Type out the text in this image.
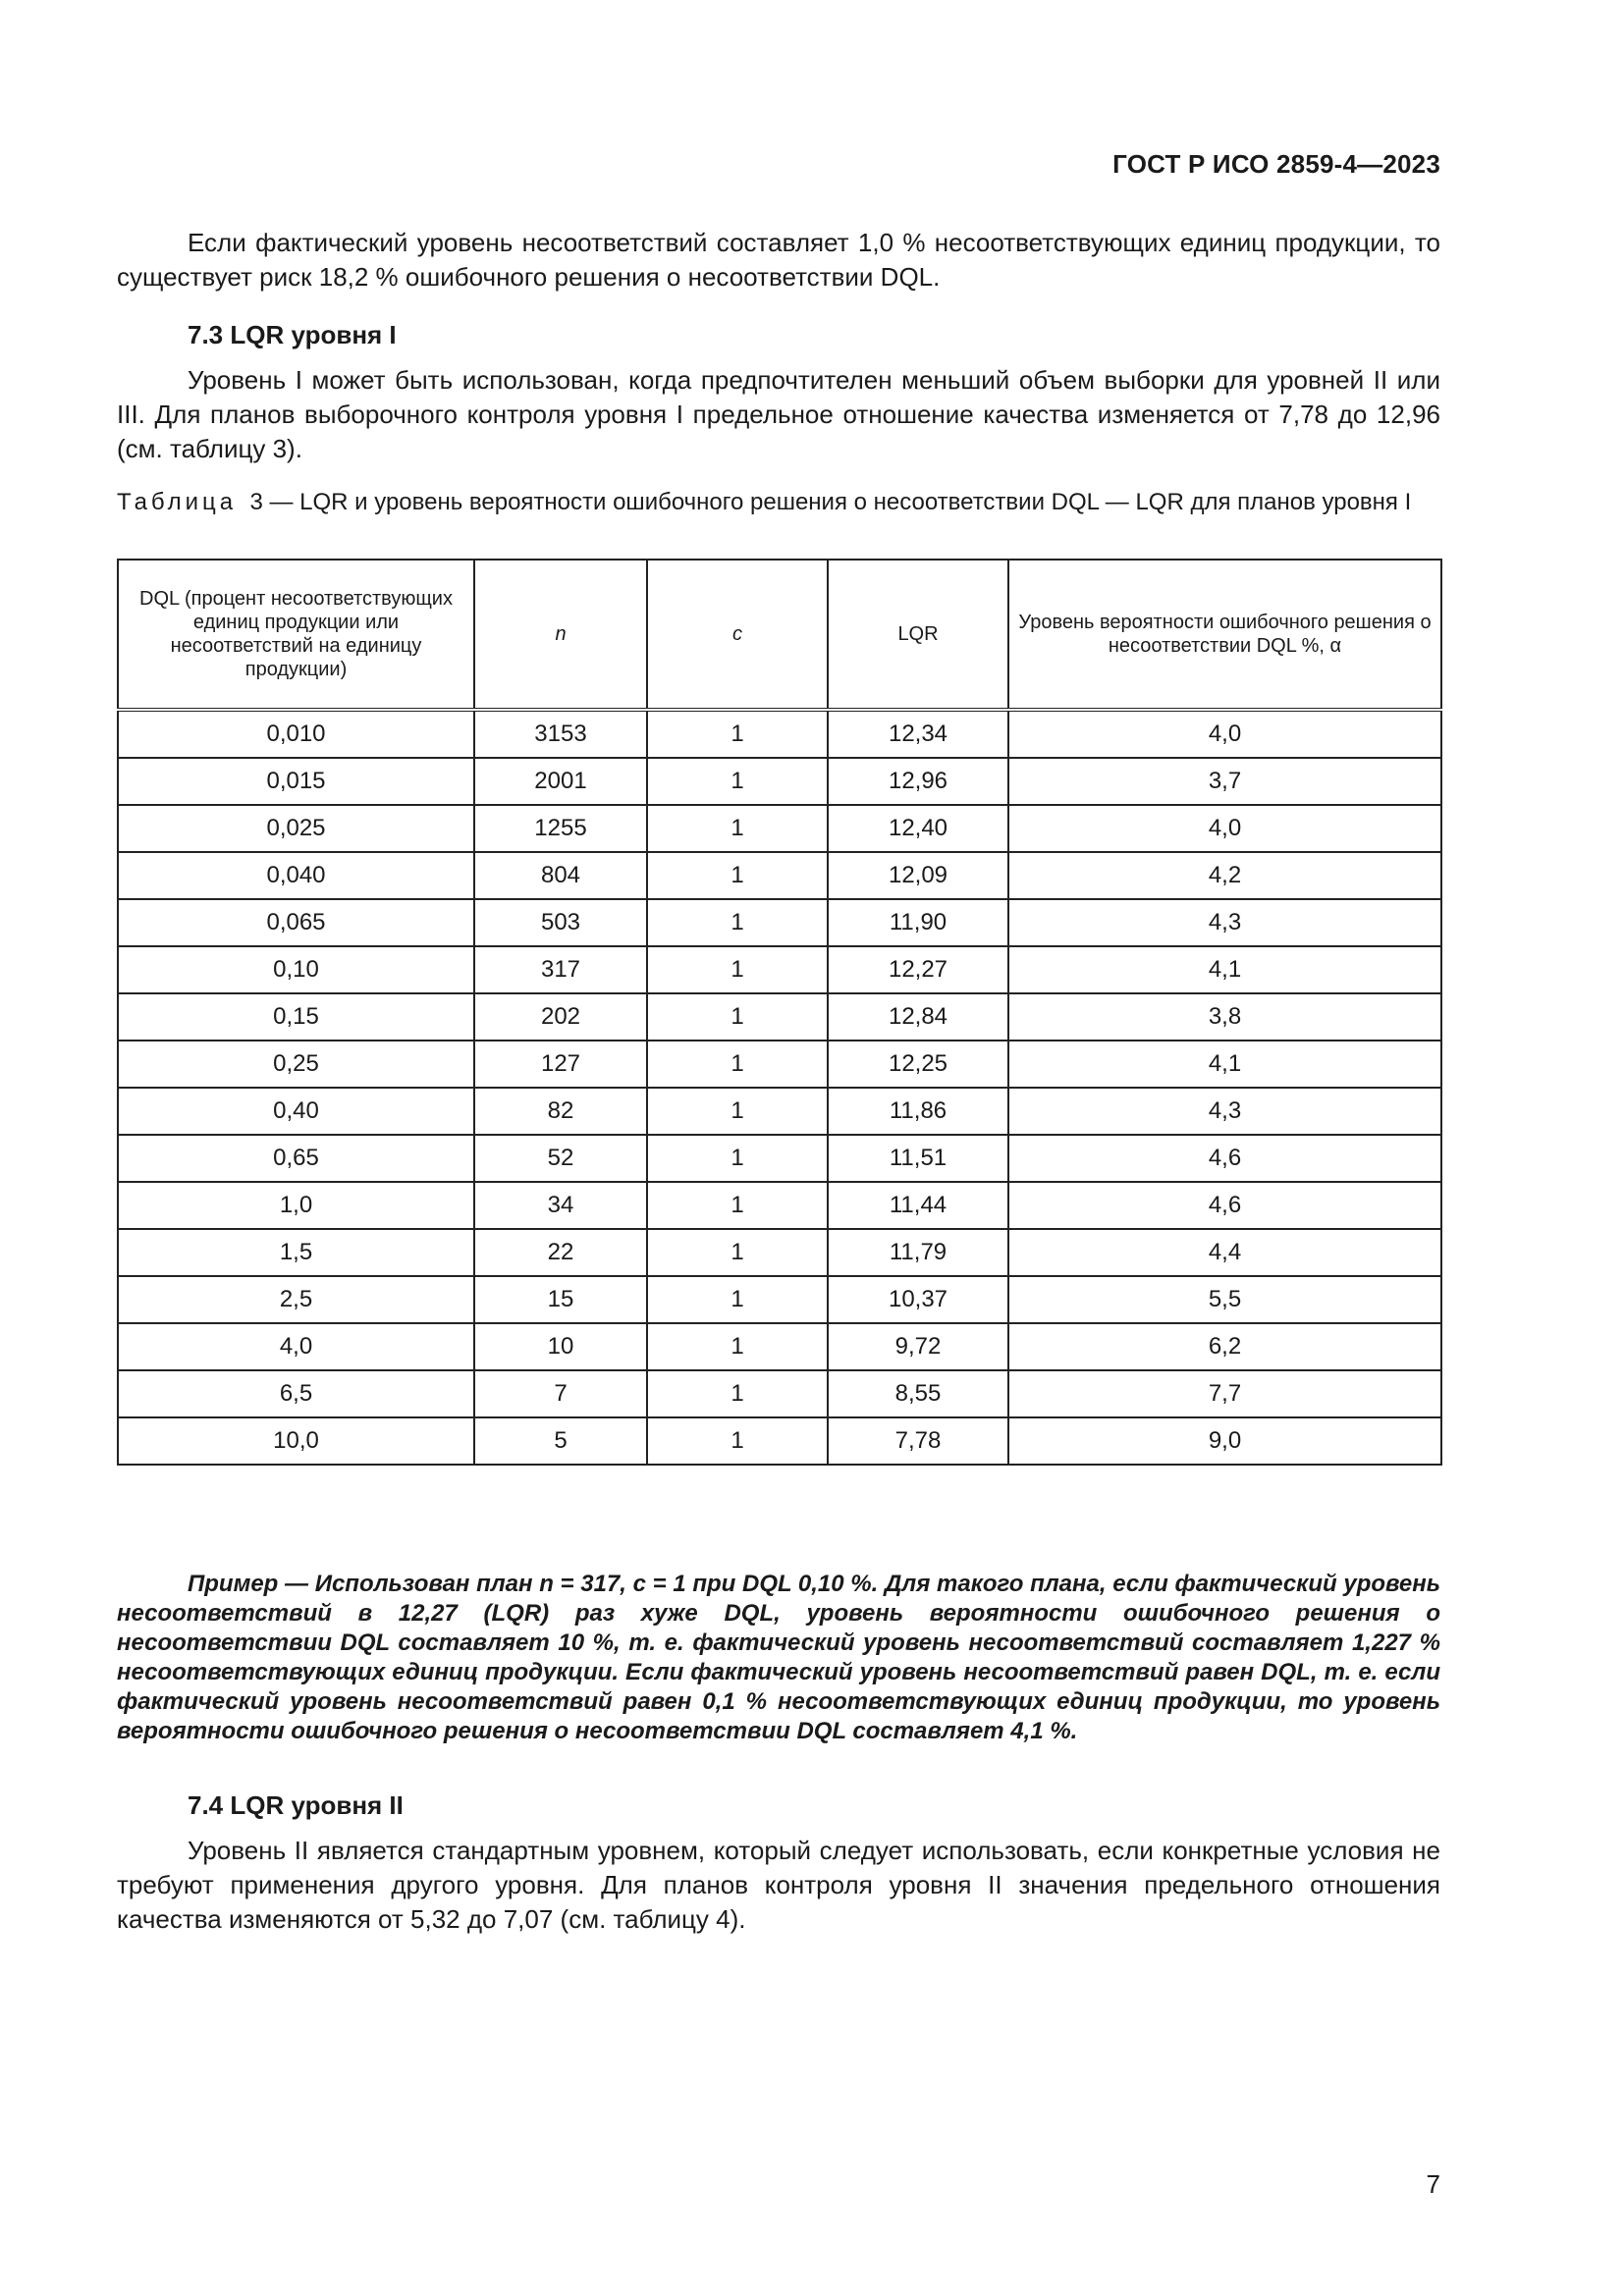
ГОСТ Р ИСО 2859-4—2023

Если фактический уровень несоответствий составляет 1,0 % несоответствующих единиц продукции, то существует риск 18,2 % ошибочного решения о несоответствии DQL.

7.3 LQR уровня I

Уровень I может быть использован, когда предпочтителен меньший объем выборки для уровней II или III. Для планов выборочного контроля уровня I предельное отношение качества изменяется от 7,78 до 12,96 (см. таблицу 3).

Таблица 3 — LQR и уровень вероятности ошибочного решения о несоответствии DQL — LQR для планов уровня I

DQL (процент несоответствующих единиц продукции или несоответствий на единицу продукции)	n	c	LQR	Уровень вероятности ошибочного решения о несоответствии DQL %, α
0,010	3153	1	12,34	4,0
0,015	2001	1	12,96	3,7
0,025	1255	1	12,40	4,0
0,040	804	1	12,09	4,2
0,065	503	1	11,90	4,3
0,10	317	1	12,27	4,1
0,15	202	1	12,84	3,8
0,25	127	1	12,25	4,1
0,40	82	1	11,86	4,3
0,65	52	1	11,51	4,6
1,0	34	1	11,44	4,6
1,5	22	1	11,79	4,4
2,5	15	1	10,37	5,5
4,0	10	1	9,72	6,2
6,5	7	1	8,55	7,7
10,0	5	1	7,78	9,0

Пример — Использован план n = 317, c = 1 при DQL 0,10 %. Для такого плана, если фактический уровень несоответствий в 12,27 (LQR) раз хуже DQL, уровень вероятности ошибочного решения о несоответствии DQL составляет 10 %, т. е. фактический уровень несоответствий составляет 1,227 % несоответствующих единиц продукции. Если фактический уровень несоответствий равен DQL, т. е. если фактический уровень несоответствий равен 0,1 % несоответствующих единиц продукции, то уровень вероятности ошибочного решения о несоответствии DQL составляет 4,1 %.

7.4 LQR уровня II

Уровень II является стандартным уровнем, который следует использовать, если конкретные условия не требуют применения другого уровня. Для планов контроля уровня II значения предельного отношения качества изменяются от 5,32 до 7,07 (см. таблицу 4).

7
